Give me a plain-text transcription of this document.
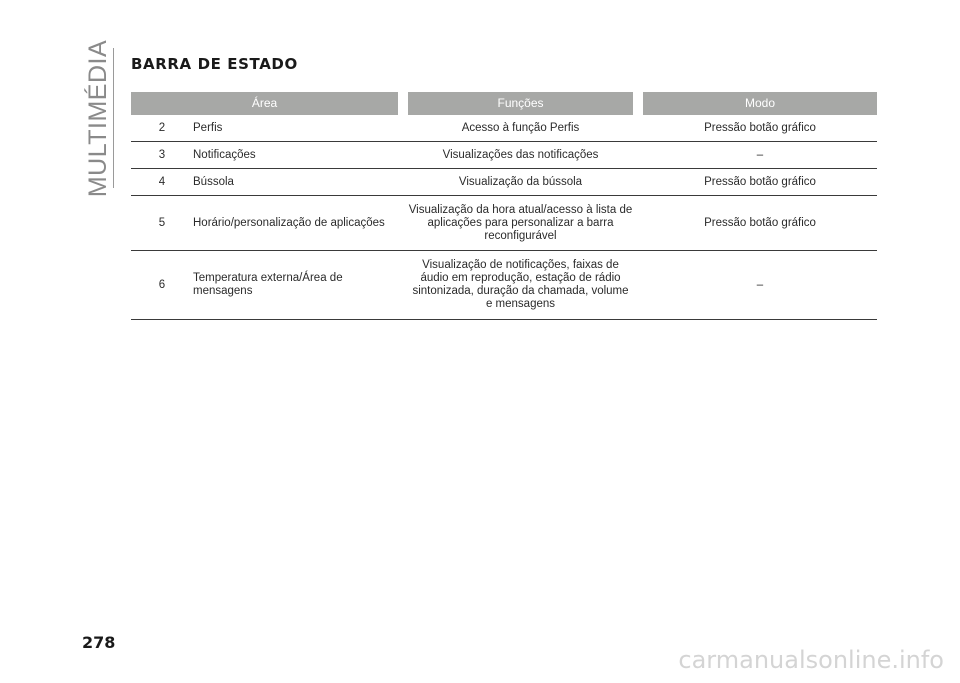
MULTIMÉDIA BARRA DE ESTADO
Área			Funções		Modo
2	Perfis		Acesso à função Perfis		Pressão botão gráfico
3	Notificações		Visualizações das notificações		–
4	Bússola		Visualização da bússola		Pressão botão gráfico
5	Horário/personalização de aplicações		Visualização da hora atual/acesso à lista de aplicações para personalizar a barra reconfigurável		Pressão botão gráfico
6	Temperatura externa/Área de mensagens		Visualização de notificações, faixas de áudio em reprodução, estação de rádio sintonizada, duração da chamada, volume e mensagens		–
278
carmanualsonline.info
